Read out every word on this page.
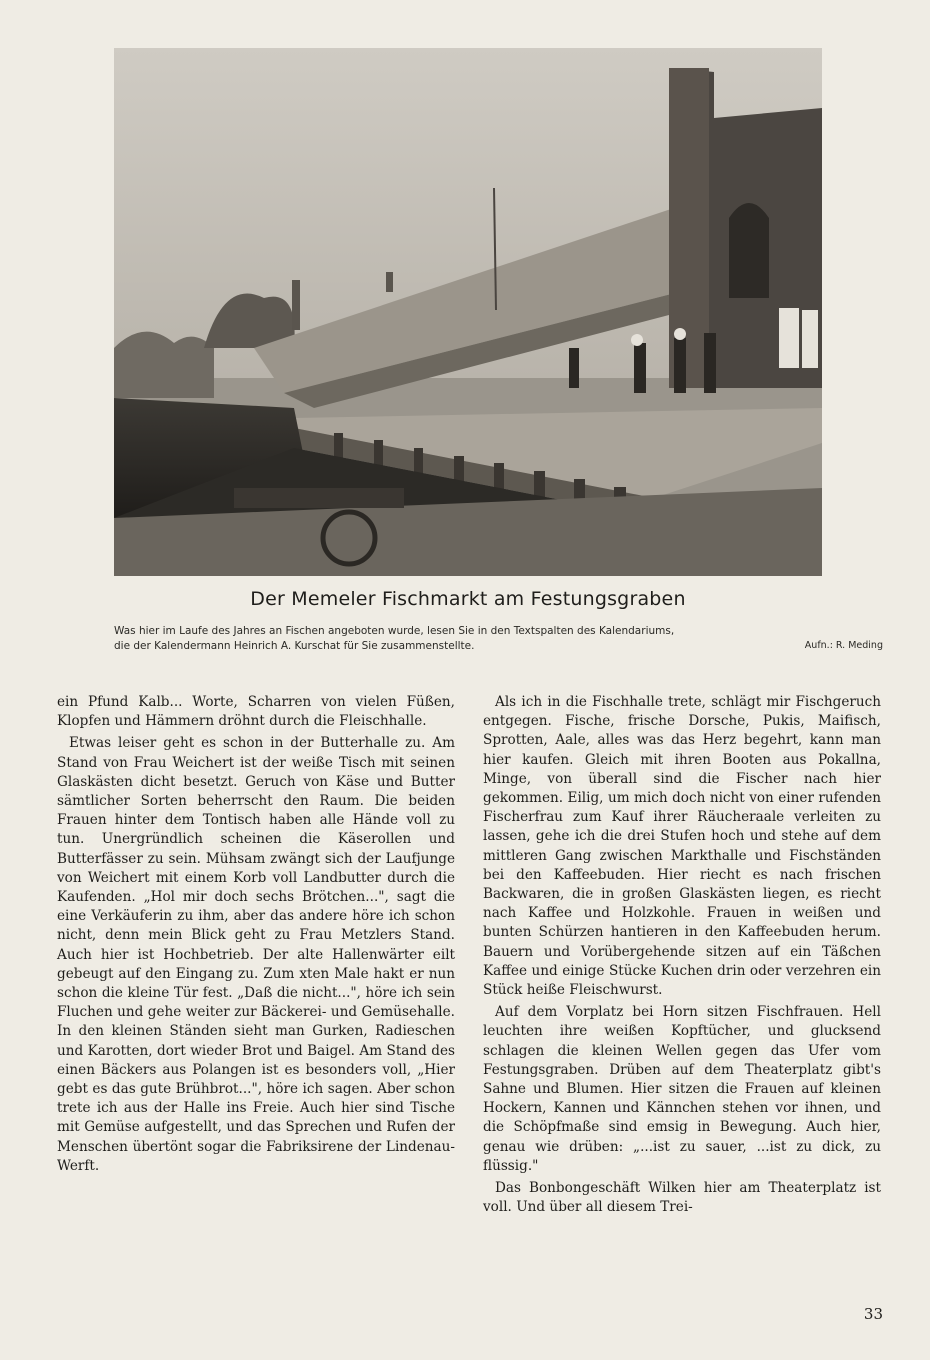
Der Memeler Fischmarkt am Festungsgraben
Was hier im Laufe des Jahres an Fischen angeboten wurde, lesen Sie in den Textspalten des Kalendariums,
die der Kalendermann Heinrich A. Kurschat für Sie zusammenstellte.	Aufn.: R. Meding

ein Pfund Kalb... Worte, Scharren von vielen Füßen, Klopfen und Hämmern dröhnt durch die Fleischhalle.

Etwas leiser geht es schon in der Butterhalle zu. Am Stand von Frau Weichert ist der weiße Tisch mit seinen Glaskästen dicht besetzt. Geruch von Käse und Butter sämtlicher Sorten beherrscht den Raum. Die beiden Frauen hinter dem Tontisch haben alle Hände voll zu tun. Unergründlich scheinen die Käserollen und Butterfässer zu sein. Mühsam zwängt sich der Laufjunge von Weichert mit einem Korb voll Landbutter durch die Kaufenden. „Hol mir doch sechs Brötchen...", sagt die eine Verkäuferin zu ihm, aber das andere höre ich schon nicht, denn mein Blick geht zu Frau Metzlers Stand. Auch hier ist Hochbetrieb. Der alte Hallenwärter eilt gebeugt auf den Eingang zu. Zum xten Male hakt er nun schon die kleine Tür fest. „Daß die nicht...", höre ich sein Fluchen und gehe weiter zur Bäckerei- und Gemüsehalle. In den kleinen Ständen sieht man Gurken, Radieschen und Karotten, dort wieder Brot und Baigel. Am Stand des einen Bäckers aus Polangen ist es besonders voll, „Hier gebt es das gute Brühbrot...", höre ich sagen. Aber schon trete ich aus der Halle ins Freie. Auch hier sind Tische mit Gemüse aufgestellt, und das Sprechen und Rufen der Menschen übertönt sogar die Fabriksirene der Lindenau-Werft.

Als ich in die Fischhalle trete, schlägt mir Fischgeruch entgegen. Fische, frische Dorsche, Pukis, Maifisch, Sprotten, Aale, alles was das Herz begehrt, kann man hier kaufen. Gleich mit ihren Booten aus Pokallna, Minge, von überall sind die Fischer nach hier gekommen. Eilig, um mich doch nicht von einer rufenden Fischerfrau zum Kauf ihrer Räucheraale verleiten zu lassen, gehe ich die drei Stufen hoch und stehe auf dem mittleren Gang zwischen Markthalle und Fischständen bei den Kaffeebuden. Hier riecht es nach frischen Backwaren, die in großen Glaskästen liegen, es riecht nach Kaffee und Holzkohle. Frauen in weißen und bunten Schürzen hantieren in den Kaffeebuden herum. Bauern und Vorübergehende sitzen auf ein Täßchen Kaffee und einige Stücke Kuchen drin oder verzehren ein Stück heiße Fleischwurst.

Auf dem Vorplatz bei Horn sitzen Fischfrauen. Hell leuchten ihre weißen Kopftücher, und glucksend schlagen die kleinen Wellen gegen das Ufer vom Festungsgraben. Drüben auf dem Theaterplatz gibt's Sahne und Blumen. Hier sitzen die Frauen auf kleinen Hockern, Kannen und Kännchen stehen vor ihnen, und die Schöpfmaße sind emsig in Bewegung. Auch hier, genau wie drüben: „...ist zu sauer, ...ist zu dick, zu flüssig."

Das Bonbongeschäft Wilken hier am Theaterplatz ist voll. Und über all diesem Trei-

33
